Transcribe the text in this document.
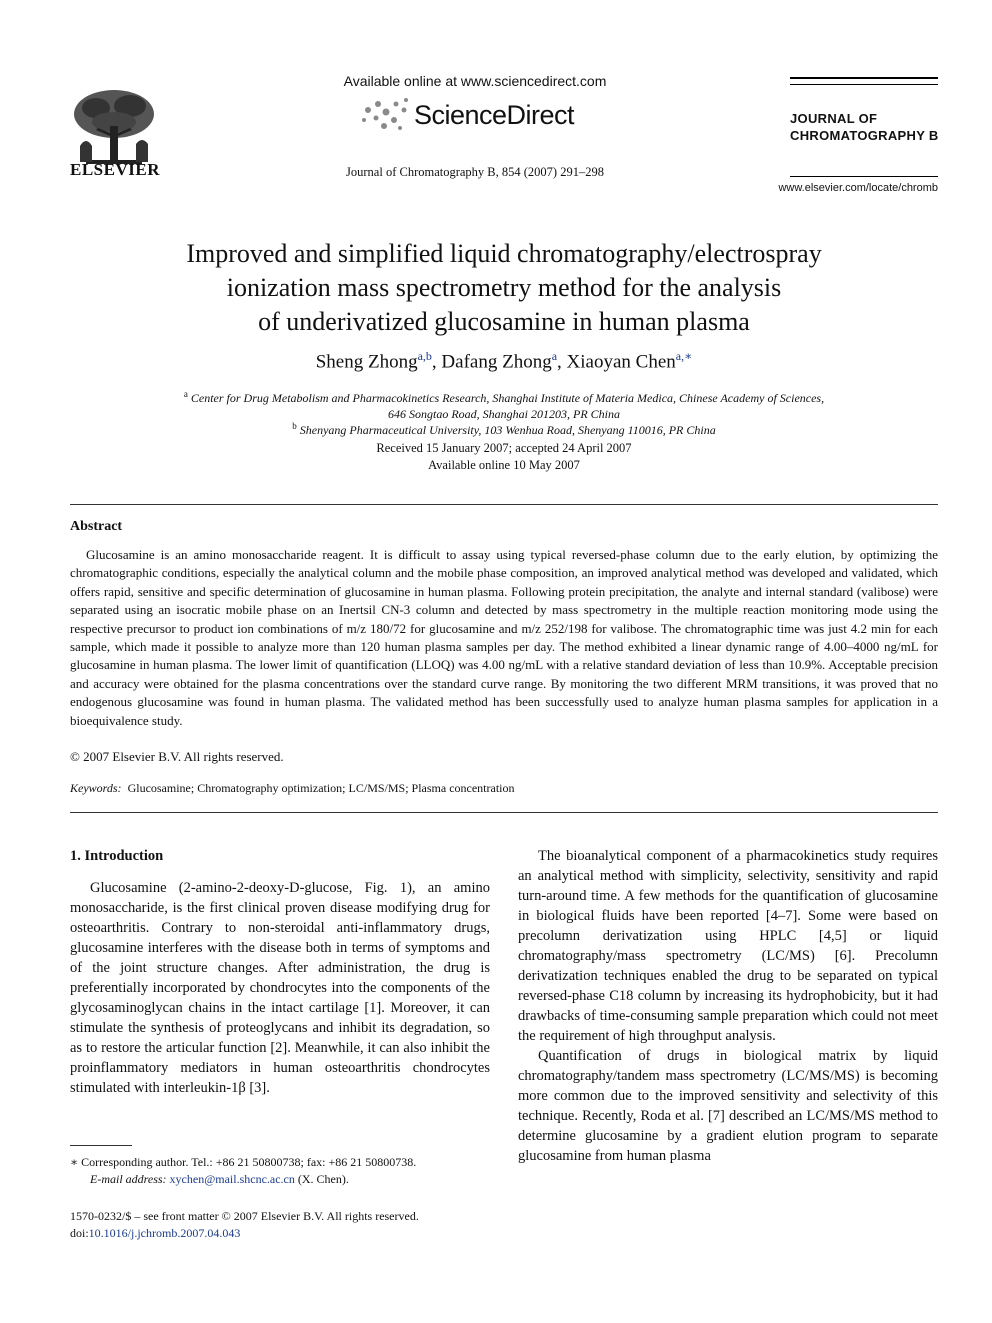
ELSEVIER
Available online at www.sciencedirect.com
ScienceDirect
Journal of Chromatography B, 854 (2007) 291–298
JOURNAL OF
CHROMATOGRAPHY B
www.elsevier.com/locate/chromb
Improved and simplified liquid chromatography/electrospray
ionization mass spectrometry method for the analysis
of underivatized glucosamine in human plasma
Sheng Zhong$^{a,b}$, Dafang Zhong$^a$, Xiaoyan Chen$^{a,∗}$
$^a$ Center for Drug Metabolism and Pharmacokinetics Research, Shanghai Institute of Materia Medica, Chinese Academy of Sciences,
646 Songtao Road, Shanghai 201203, PR China
$^b$ Shenyang Pharmaceutical University, 103 Wenhua Road, Shenyang 110016, PR China
Received 15 January 2007; accepted 24 April 2007
Available online 10 May 2007
Abstract
Glucosamine is an amino monosaccharide reagent. It is difficult to assay using typical reversed-phase column due to the early elution, by optimizing the chromatographic conditions, especially the analytical column and the mobile phase composition, an improved analytical method was developed and validated, which offers rapid, sensitive and specific determination of glucosamine in human plasma. Following protein precipitation, the analyte and internal standard (valibose) were separated using an isocratic mobile phase on an Inertsil CN-3 column and detected by mass spectrometry in the multiple reaction monitoring mode using the respective precursor to product ion combinations of m/z 180/72 for glucosamine and m/z 252/198 for valibose. The chromatographic time was just 4.2 min for each sample, which made it possible to analyze more than 120 human plasma samples per day. The method exhibited a linear dynamic range of 4.00–4000 ng/mL for glucosamine in human plasma. The lower limit of quantification (LLOQ) was 4.00 ng/mL with a relative standard deviation of less than 10.9%. Acceptable precision and accuracy were obtained for the plasma concentrations over the standard curve range. By monitoring the two different MRM transitions, it was proved that no endogenous glucosamine was found in human plasma. The validated method has been successfully used to analyze human plasma samples for application in a bioequivalence study.
© 2007 Elsevier B.V. All rights reserved.
Keywords: Glucosamine; Chromatography optimization; LC/MS/MS; Plasma concentration
1. Introduction

Glucosamine (2-amino-2-deoxy-D-glucose, Fig. 1), an amino monosaccharide, is the first clinical proven disease modifying drug for osteoarthritis. Contrary to non-steroidal anti-inflammatory drugs, glucosamine interferes with the disease both in terms of symptoms and of the joint structure changes. After administration, the drug is preferentially incorporated by chondrocytes into the components of the glycosaminoglycan chains in the intact cartilage [1]. Moreover, it can stimulate the synthesis of proteoglycans and inhibit its degradation, so as to restore the articular function [2]. Meanwhile, it can also inhibit the proinflammatory mediators in human osteoarthritis chondrocytes stimulated with interleukin-1β [3].

The bioanalytical component of a pharmacokinetics study requires an analytical method with simplicity, selectivity, sensitivity and rapid turn-around time. A few methods for the quantification of glucosamine in biological fluids have been reported [4–7]. Some were based on precolumn derivatization using HPLC [4,5] or liquid chromatography/mass spectrometry (LC/MS) [6]. Precolumn derivatization techniques enabled the drug to be separated on typical reversed-phase C18 column by increasing its hydrophobicity, but it had drawbacks of time-consuming sample preparation which could not meet the requirement of high throughput analysis.

Quantification of drugs in biological matrix by liquid chromatography/tandem mass spectrometry (LC/MS/MS) is becoming more common due to the improved sensitivity and selectivity of this technique. Recently, Roda et al. [7] described an LC/MS/MS method to determine glucosamine by a gradient elution program to separate glucosamine from human plasma

∗ Corresponding author. Tel.: +86 21 50800738; fax: +86 21 50800738.
E-mail address: xychen@mail.shcnc.ac.cn (X. Chen).
1570-0232/$ – see front matter © 2007 Elsevier B.V. All rights reserved.
doi:10.1016/j.jchromb.2007.04.043
